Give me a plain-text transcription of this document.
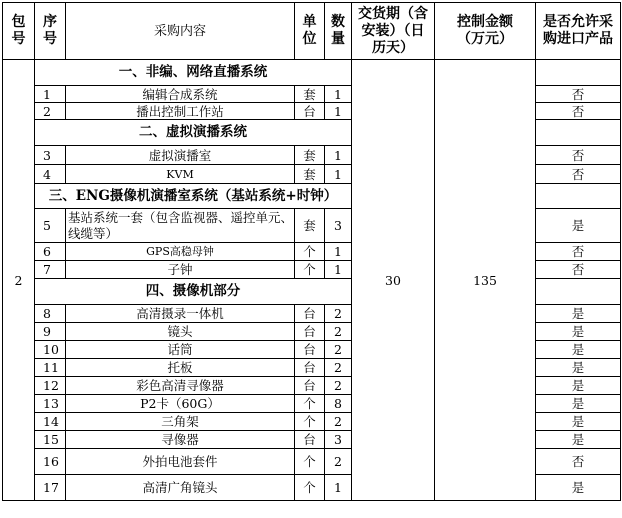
包号	序号	采购内容	单位	数量	交货期（含安装）（日历天）	控制金额（万元）	是否允许采购进口产品
2	一、非编、网络直播系统				30	135	
	1	编辑合成系统	套	1			否
	2	播出控制工作站	台	1			否
	二、虚拟演播系统						
	3	虚拟演播室	套	1			否
	4	KVM	套	1			否
	三、ENG摄像机演播室系统（基站系统+时钟）						
	5	基站系统一套（包含监视器、遥控单元、线缆等）	套	3			是
	6	GPS高稳母钟	个	1			否
	7	子钟	个	1			否
	四、摄像机部分						
	8	高清摄录一体机	台	2			是
	9	镜头	台	2			是
	10	话筒	台	2			是
	11	托板	台	2			是
	12	彩色高清寻像器	台	2			是
	13	P2卡（60G）	个	8			是
	14	三角架	个	2			是
	15	寻像器	台	3			是
	16	外拍电池套件	个	2			否
	17	高清广角镜头	个	1			是
